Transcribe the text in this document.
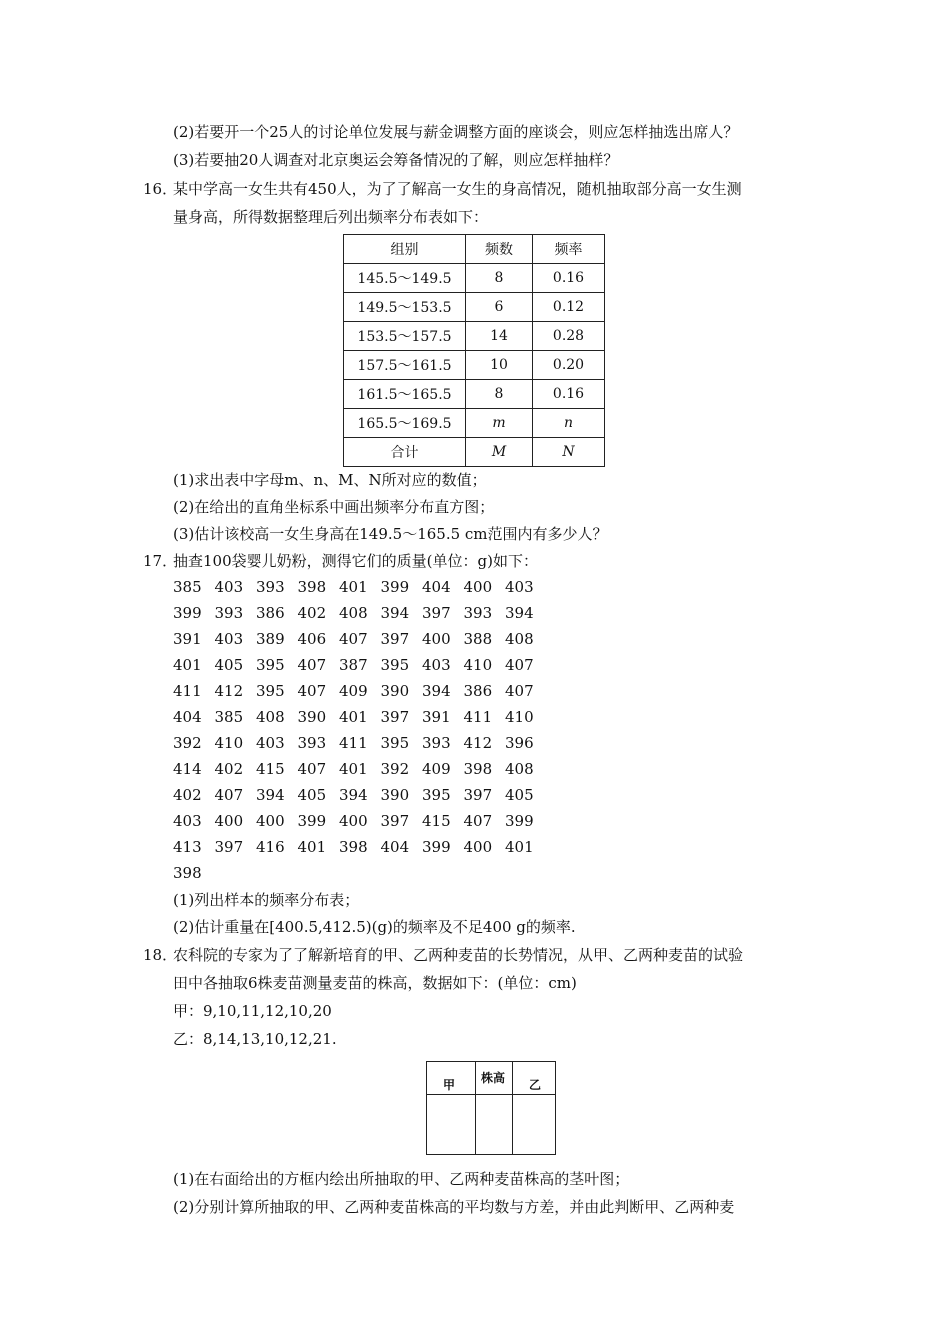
(2)若要开一个25人的讨论单位发展与薪金调整方面的座谈会，则应怎样抽选出席人？
(3)若要抽20人调查对北京奥运会筹备情况的了解，则应怎样抽样？
16．
某中学高一女生共有450人，为了了解高一女生的身高情况，随机抽取部分高一女生测
量身高，所得数据整理后列出频率分布表如下：
组别	频数	频率
145.5～149.5	8	0.16
149.5～153.5	6	0.12
153.5～157.5	14	0.28
157.5～161.5	10	0.20
161.5～165.5	8	0.16
165.5～169.5	m	n
合计	M	N
(1)求出表中字母m、n、M、N所对应的数值；
(2)在给出的直角坐标系中画出频率分布直方图；
(3)估计该校高一女生身高在149.5～165.5 cm范围内有多少人？
17．
抽查100袋婴儿奶粉，测得它们的质量(单位：g)如下：
385 403 393 398 401 399 404 400 403
399 393 386 402 408 394 397 393 394
391 403 389 406 407 397 400 388 408
401 405 395 407 387 395 403 410 407
411 412 395 407 409 390 394 386 407
404 385 408 390 401 397 391 411 410
392 410 403 393 411 395 393 412 396
414 402 415 407 401 392 409 398 408
402 407 394 405 394 390 395 397 405
403 400 400 399 400 397 415 407 399
413 397 416 401 398 404 399 400 401
398
(1)列出样本的频率分布表；
(2)估计重量在[400.5,412.5)(g)的频率及不足400 g的频率.
18．
农科院的专家为了了解新培育的甲、乙两种麦苗的长势情况，从甲、乙两种麦苗的试验
田中各抽取6株麦苗测量麦苗的株高，数据如下：(单位：cm)
甲：9,10,11,12,10,20
乙：8,14,13,10,12,21.
甲 株高 乙
(1)在右面给出的方框内绘出所抽取的甲、乙两种麦苗株高的茎叶图；
(2)分别计算所抽取的甲、乙两种麦苗株高的平均数与方差，并由此判断甲、乙两种麦
